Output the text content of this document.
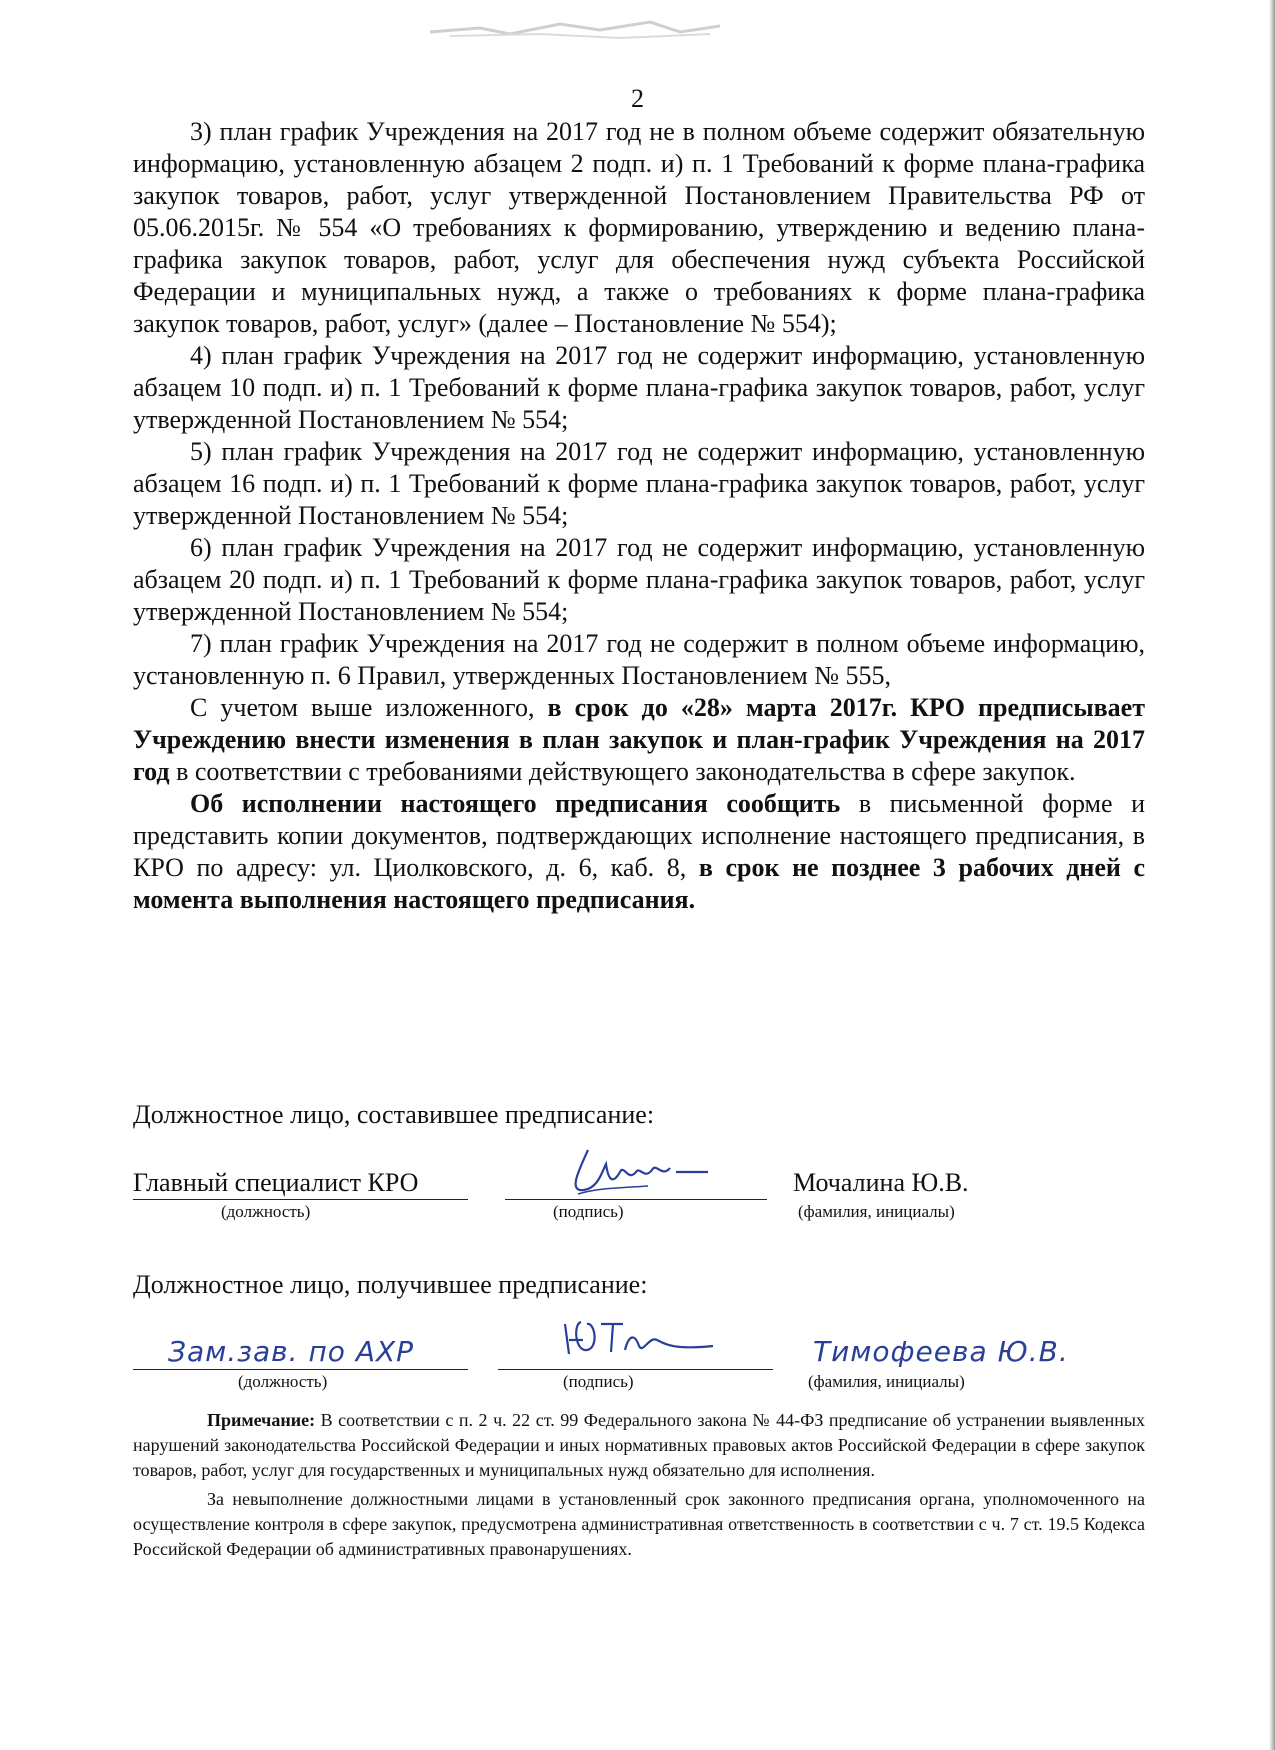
2

3) план график Учреждения на 2017 год не в полном объеме содержит обязательную информацию, установленную абзацем 2 подп. и) п. 1 Требований к форме плана-графика закупок товаров, работ, услуг утвержденной Постановлением Правительства РФ от 05.06.2015г. № 554 «О требованиях к формированию, утверждению и ведению плана-графика закупок товаров, работ, услуг для обеспечения нужд субъекта Российской Федерации и муниципальных нужд, а также о требованиях к форме плана-графика закупок товаров, работ, услуг» (далее – Постановление № 554);

4) план график Учреждения на 2017 год не содержит информацию, установленную абзацем 10 подп. и) п. 1 Требований к форме плана-графика закупок товаров, работ, услуг утвержденной Постановлением № 554;

5) план график Учреждения на 2017 год не содержит информацию, установленную абзацем 16 подп. и) п. 1 Требований к форме плана-графика закупок товаров, работ, услуг утвержденной Постановлением № 554;

6) план график Учреждения на 2017 год не содержит информацию, установленную абзацем 20 подп. и) п. 1 Требований к форме плана-графика закупок товаров, работ, услуг утвержденной Постановлением № 554;

7) план график Учреждения на 2017 год не содержит в полном объеме информацию, установленную п. 6 Правил, утвержденных Постановлением № 555,

С учетом выше изложенного, в срок до «28» марта 2017г. КРО предписывает Учреждению внести изменения в план закупок и план-график Учреждения на 2017 год в соответствии с требованиями действующего законодательства в сфере закупок.

Об исполнении настоящего предписания сообщить в письменной форме и представить копии документов, подтверждающих исполнение настоящего предписания, в КРО по адресу: ул. Циолковского, д. 6, каб. 8, в срок не позднее 3 рабочих дней с момента выполнения настоящего предписания.

Должностное лицо, составившее предписание:
Главный специалист КРО
(должность)	(подпись)
Мочалина Ю.В.
(фамилия, инициалы)
Должностное лицо, получившее предписание:
Зам.зав. по АХР
(должность)	(подпись)
Тимофеева Ю.В.
(фамилия, инициалы)

Примечание: В соответствии с п. 2 ч. 22 ст. 99 Федерального закона № 44-ФЗ предписание об устранении выявленных нарушений законодательства Российской Федерации и иных нормативных правовых актов Российской Федерации в сфере закупок товаров, работ, услуг для государственных и муниципальных нужд обязательно для исполнения.

За невыполнение должностными лицами в установленный срок законного предписания органа, уполномоченного на осуществление контроля в сфере закупок, предусмотрена административная ответственность в соответствии с ч. 7 ст. 19.5 Кодекса Российской Федерации об административных правонарушениях.
